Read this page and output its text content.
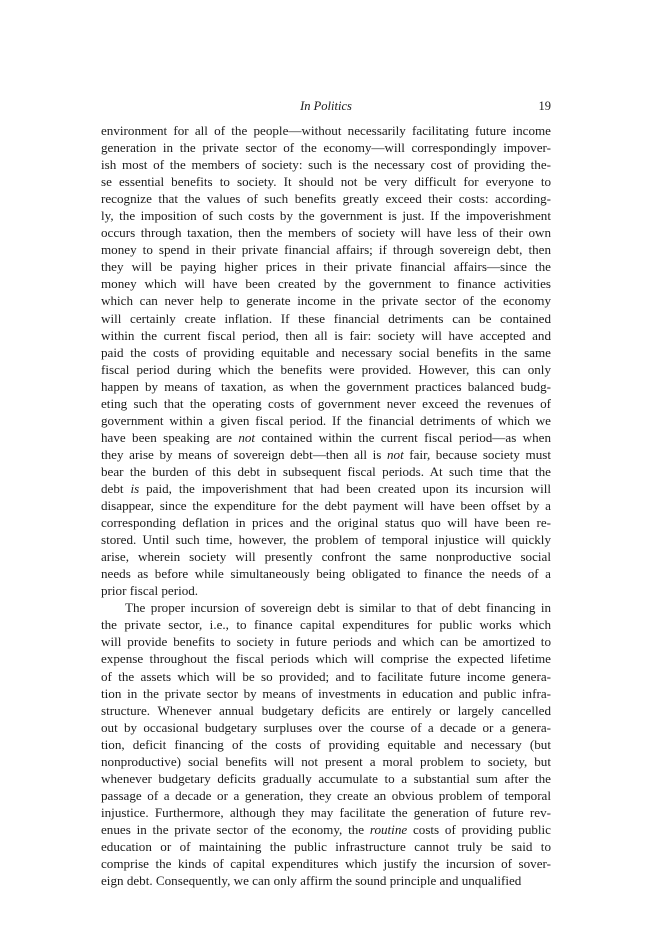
In Politics	19
environment for all of the people—without necessarily facilitating future income
generation in the private sector of the economy—will correspondingly impover-
ish most of the members of society: such is the necessary cost of providing the-
se essential benefits to society. It should not be very difficult for everyone to
recognize that the values of such benefits greatly exceed their costs: according-
ly, the imposition of such costs by the government is just. If the impoverishment
occurs through taxation, then the members of society will have less of their own
money to spend in their private financial affairs; if through sovereign debt, then
they will be paying higher prices in their private financial affairs—since the
money which will have been created by the government to finance activities
which can never help to generate income in the private sector of the economy
will certainly create inflation. If these financial detriments can be contained
within the current fiscal period, then all is fair: society will have accepted and
paid the costs of providing equitable and necessary social benefits in the same
fiscal period during which the benefits were provided. However, this can only
happen by means of taxation, as when the government practices balanced budg-
eting such that the operating costs of government never exceed the revenues of
government within a given fiscal period. If the financial detriments of which we
have been speaking are not contained within the current fiscal period—as when
they arise by means of sovereign debt—then all is not fair, because society must
bear the burden of this debt in subsequent fiscal periods. At such time that the
debt is paid, the impoverishment that had been created upon its incursion will
disappear, since the expenditure for the debt payment will have been offset by a
corresponding deflation in prices and the original status quo will have been re-
stored. Until such time, however, the problem of temporal injustice will quickly
arise, wherein society will presently confront the same nonproductive social
needs as before while simultaneously being obligated to finance the needs of a
prior fiscal period.
The proper incursion of sovereign debt is similar to that of debt financing in
the private sector, i.e., to finance capital expenditures for public works which
will provide benefits to society in future periods and which can be amortized to
expense throughout the fiscal periods which will comprise the expected lifetime
of the assets which will be so provided; and to facilitate future income genera-
tion in the private sector by means of investments in education and public infra-
structure. Whenever annual budgetary deficits are entirely or largely cancelled
out by occasional budgetary surpluses over the course of a decade or a genera-
tion, deficit financing of the costs of providing equitable and necessary (but
nonproductive) social benefits will not present a moral problem to society, but
whenever budgetary deficits gradually accumulate to a substantial sum after the
passage of a decade or a generation, they create an obvious problem of temporal
injustice. Furthermore, although they may facilitate the generation of future rev-
enues in the private sector of the economy, the routine costs of providing public
education or of maintaining the public infrastructure cannot truly be said to
comprise the kinds of capital expenditures which justify the incursion of sover-
eign debt. Consequently, we can only affirm the sound principle and unqualified
